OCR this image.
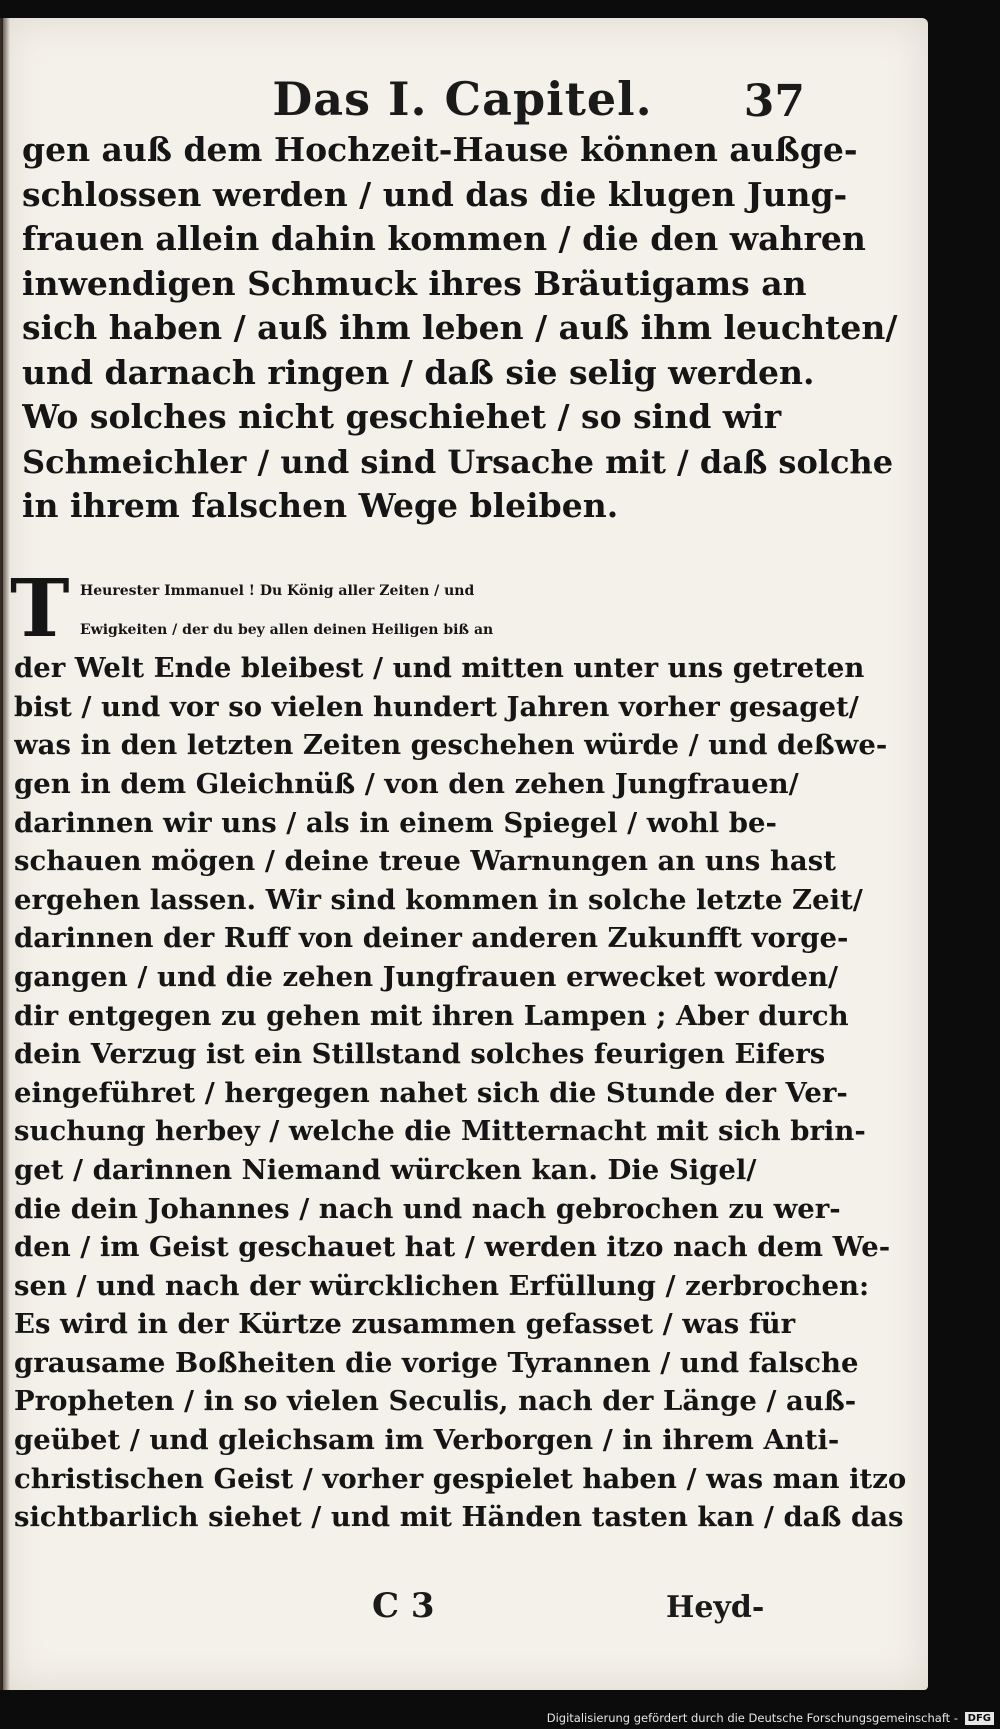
Das I. Capitel.	37
gen auß dem Hochzeit-Hause können außge-
schlossen werden / und das die klugen Jung-
frauen allein dahin kommen / die den wahren
inwendigen Schmuck ihres Bräutigams an
sich haben / auß ihm leben / auß ihm leuchten/
und darnach ringen / daß sie selig werden.
Wo solches nicht geschiehet / so sind wir
Schmeichler / und sind Ursache mit / daß solche
in ihrem falschen Wege bleiben.
T Heurester Immanuel ! Du König aller Zeiten / und
Ewigkeiten / der du bey allen deinen Heiligen biß an
der Welt Ende bleibest / und mitten unter uns getreten
bist / und vor so vielen hundert Jahren vorher gesaget/
was in den letzten Zeiten geschehen würde / und deßwe-
gen in dem Gleichnüß / von den zehen Jungfrauen/
darinnen wir uns / als in einem Spiegel / wohl be-
schauen mögen / deine treue Warnungen an uns hast
ergehen lassen. Wir sind kommen in solche letzte Zeit/
darinnen der Ruff von deiner anderen Zukunfft vorge-
gangen / und die zehen Jungfrauen erwecket worden/
dir entgegen zu gehen mit ihren Lampen ; Aber durch
dein Verzug ist ein Stillstand solches feurigen Eifers
eingeführet / hergegen nahet sich die Stunde der Ver-
suchung herbey / welche die Mitternacht mit sich brin-
get / darinnen Niemand würcken kan. Die Sigel/
die dein Johannes / nach und nach gebrochen zu wer-
den / im Geist geschauet hat / werden itzo nach dem We-
sen / und nach der würcklichen Erfüllung / zerbrochen:
Es wird in der Kürtze zusammen gefasset / was für
grausame Boßheiten die vorige Tyrannen / und falsche
Propheten / in so vielen Seculis, nach der Länge / auß-
geübet / und gleichsam im Verborgen / in ihrem Anti-
christischen Geist / vorher gespielet haben / was man itzo
sichtbarlich siehet / und mit Händen tasten kan / daß das
C 3	Heyd-
Digitalisierung gefördert durch die Deutsche Forschungsgemeinschaft - DFG
